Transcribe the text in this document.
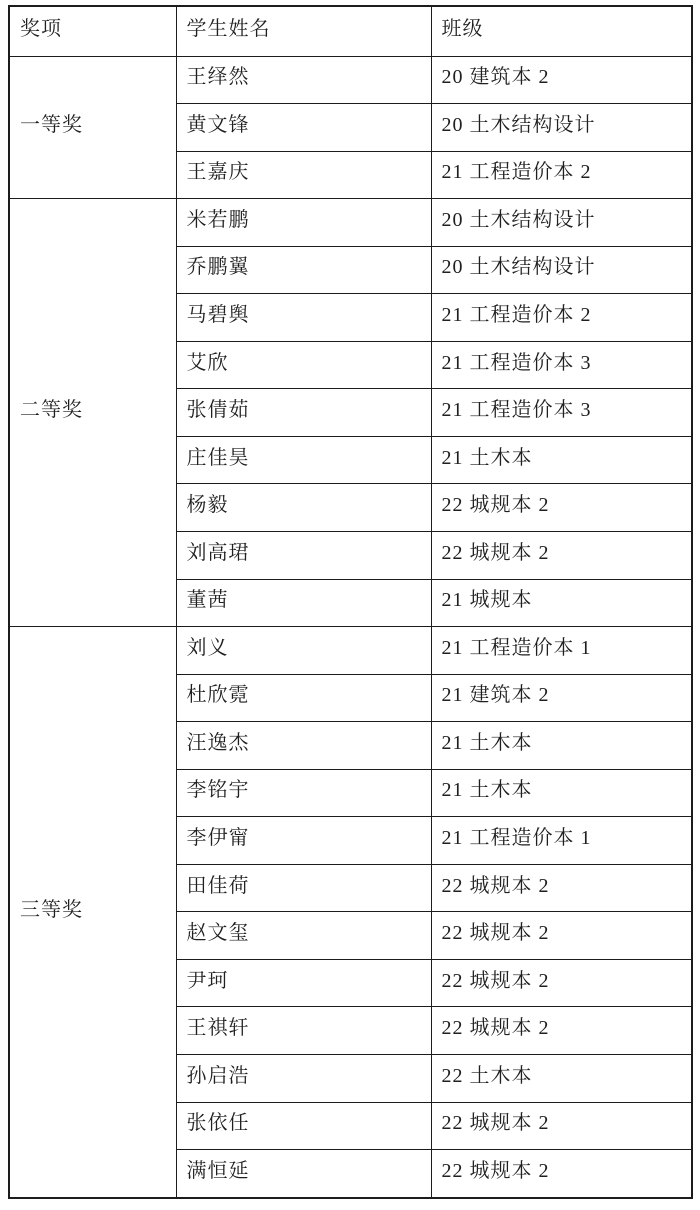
奖项	学生姓名	班级
一等奖	王绎然	20 建筑本 2
	黄文锋	20 土木结构设计
	王嘉庆	21 工程造价本 2
二等奖	米若鹏	20 土木结构设计
	乔鹏翼	20 土木结构设计
	马碧舆	21 工程造价本 2
	艾欣	21 工程造价本 3
	张倩茹	21 工程造价本 3
	庄佳昊	21 土木本
	杨毅	22 城规本 2
	刘高珺	22 城规本 2
	董茜	21 城规本
三等奖	刘义	21 工程造价本 1
	杜欣霓	21 建筑本 2
	汪逸杰	21 土木本
	李铭宇	21 土木本
	李伊甯	21 工程造价本 1
	田佳荷	22 城规本 2
	赵文玺	22 城规本 2
	尹珂	22 城规本 2
	王祺轩	22 城规本 2
	孙启浩	22 土木本
	张依任	22 城规本 2
	满恒延	22 城规本 2
